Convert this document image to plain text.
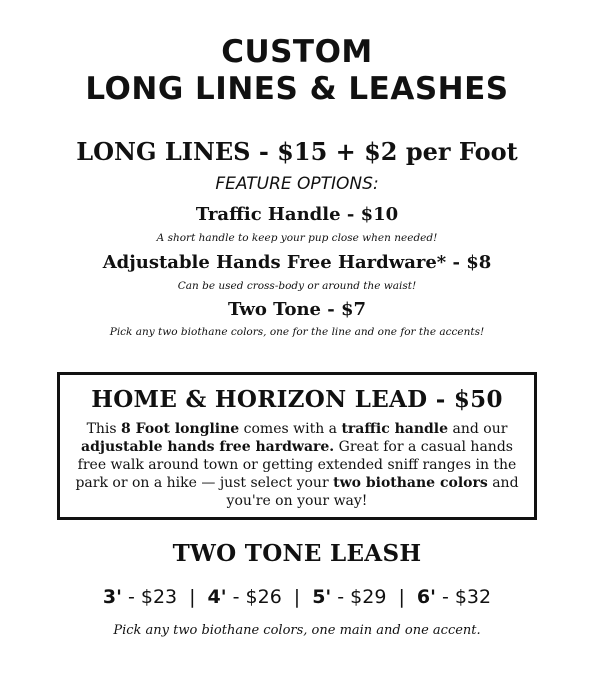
CUSTOM
LONG LINES & LEASHES
LONG LINES - $15 + $2 per Foot
FEATURE OPTIONS:
Traffic Handle - $10
A short handle to keep your pup close when needed!
Adjustable Hands Free Hardware* - $8
Can be used cross-body or around the waist!
Two Tone - $7
Pick any two biothane colors, one for the line and one for the accents!
HOME & HORIZON LEAD - $50
This 8 Foot longline comes with a traffic handle and our adjustable hands free hardware. Great for a casual hands free walk around town or getting extended sniff ranges in the park or on a hike — just select your two biothane colors and you're on your way!
TWO TONE LEASH
3' - $23 | 4' - $26 | 5' - $29 | 6' - $32
Pick any two biothane colors, one main and one accent.
